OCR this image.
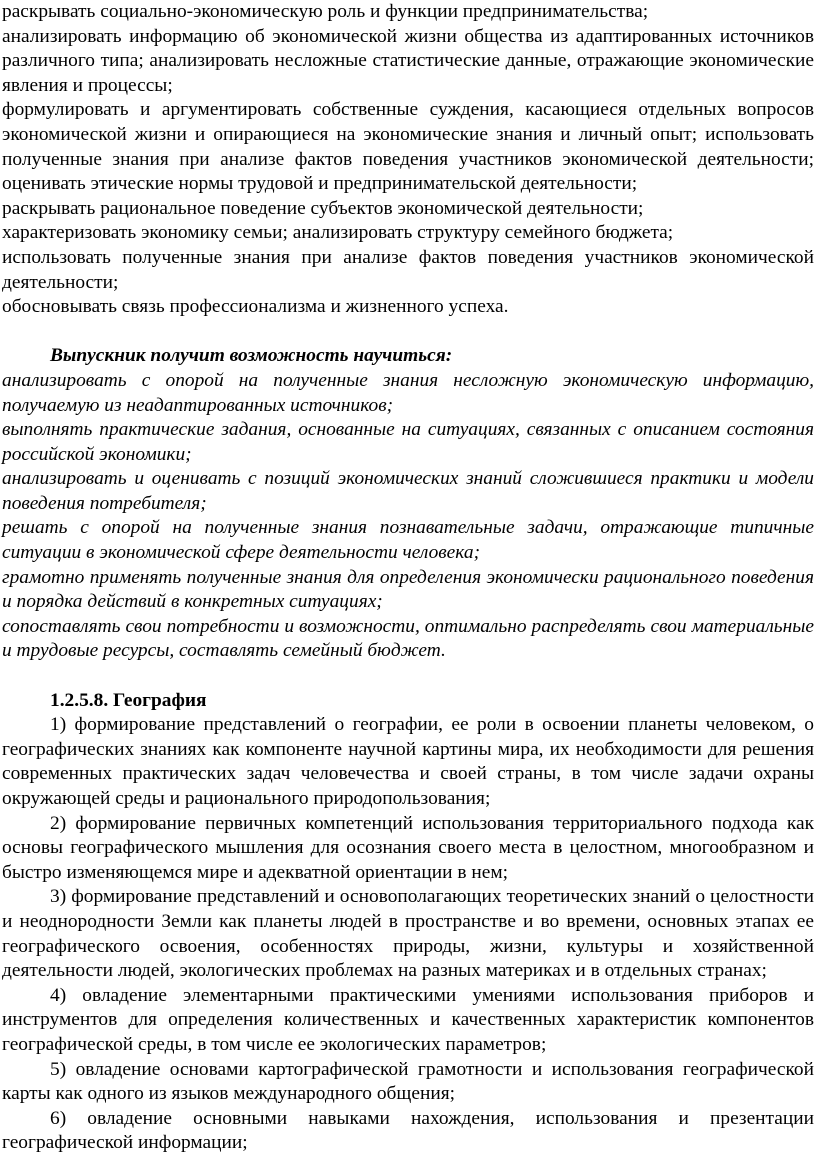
раскрывать социально-экономическую роль и функции предпринимательства;

анализировать информацию об экономической жизни общества из адаптированных источников различного типа; анализировать несложные статистические данные, отражающие экономические явления и процессы;

формулировать и аргументировать собственные суждения, касающиеся отдельных вопросов экономической жизни и опирающиеся на экономические знания и личный опыт; использовать полученные знания при анализе фактов поведения участников экономической деятельности; оценивать этические нормы трудовой и предпринимательской деятельности;

раскрывать рациональное поведение субъектов экономической деятельности;

характеризовать экономику семьи; анализировать структуру семейного бюджета;

использовать полученные знания при анализе фактов поведения участников экономической деятельности;

обосновывать связь профессионализма и жизненного успеха.

Выпускник получит возможность научиться:

анализировать с опорой на полученные знания несложную экономическую информацию, получаемую из неадаптированных источников;

выполнять практические задания, основанные на ситуациях, связанных с описанием состояния российской экономики;

анализировать и оценивать с позиций экономических знаний сложившиеся практики и модели поведения потребителя;

решать с опорой на полученные знания познавательные задачи, отражающие типичные ситуации в экономической сфере деятельности человека;

грамотно применять полученные знания для определения экономически рационального поведения и порядка действий в конкретных ситуациях;

сопоставлять свои потребности и возможности, оптимально распределять свои материальные и трудовые ресурсы, составлять семейный бюджет.

1.2.5.8. География

1) формирование представлений о географии, ее роли в освоении планеты человеком, о географических знаниях как компоненте научной картины мира, их необходимости для решения современных практических задач человечества и своей страны, в том числе задачи охраны окружающей среды и рационального природопользования;

2) формирование первичных компетенций использования территориального подхода как основы географического мышления для осознания своего места в целостном, многообразном и быстро изменяющемся мире и адекватной ориентации в нем;

3) формирование представлений и основополагающих теоретических знаний о целостности и неоднородности Земли как планеты людей в пространстве и во времени, основных этапах ее географического освоения, особенностях природы, жизни, культуры и хозяйственной деятельности людей, экологических проблемах на разных материках и в отдельных странах;

4) овладение элементарными практическими умениями использования приборов и инструментов для определения количественных и качественных характеристик компонентов географической среды, в том числе ее экологических параметров;

5) овладение основами картографической грамотности и использования географической карты как одного из языков международного общения;

6) овладение основными навыками нахождения, использования и презентации географической информации;
